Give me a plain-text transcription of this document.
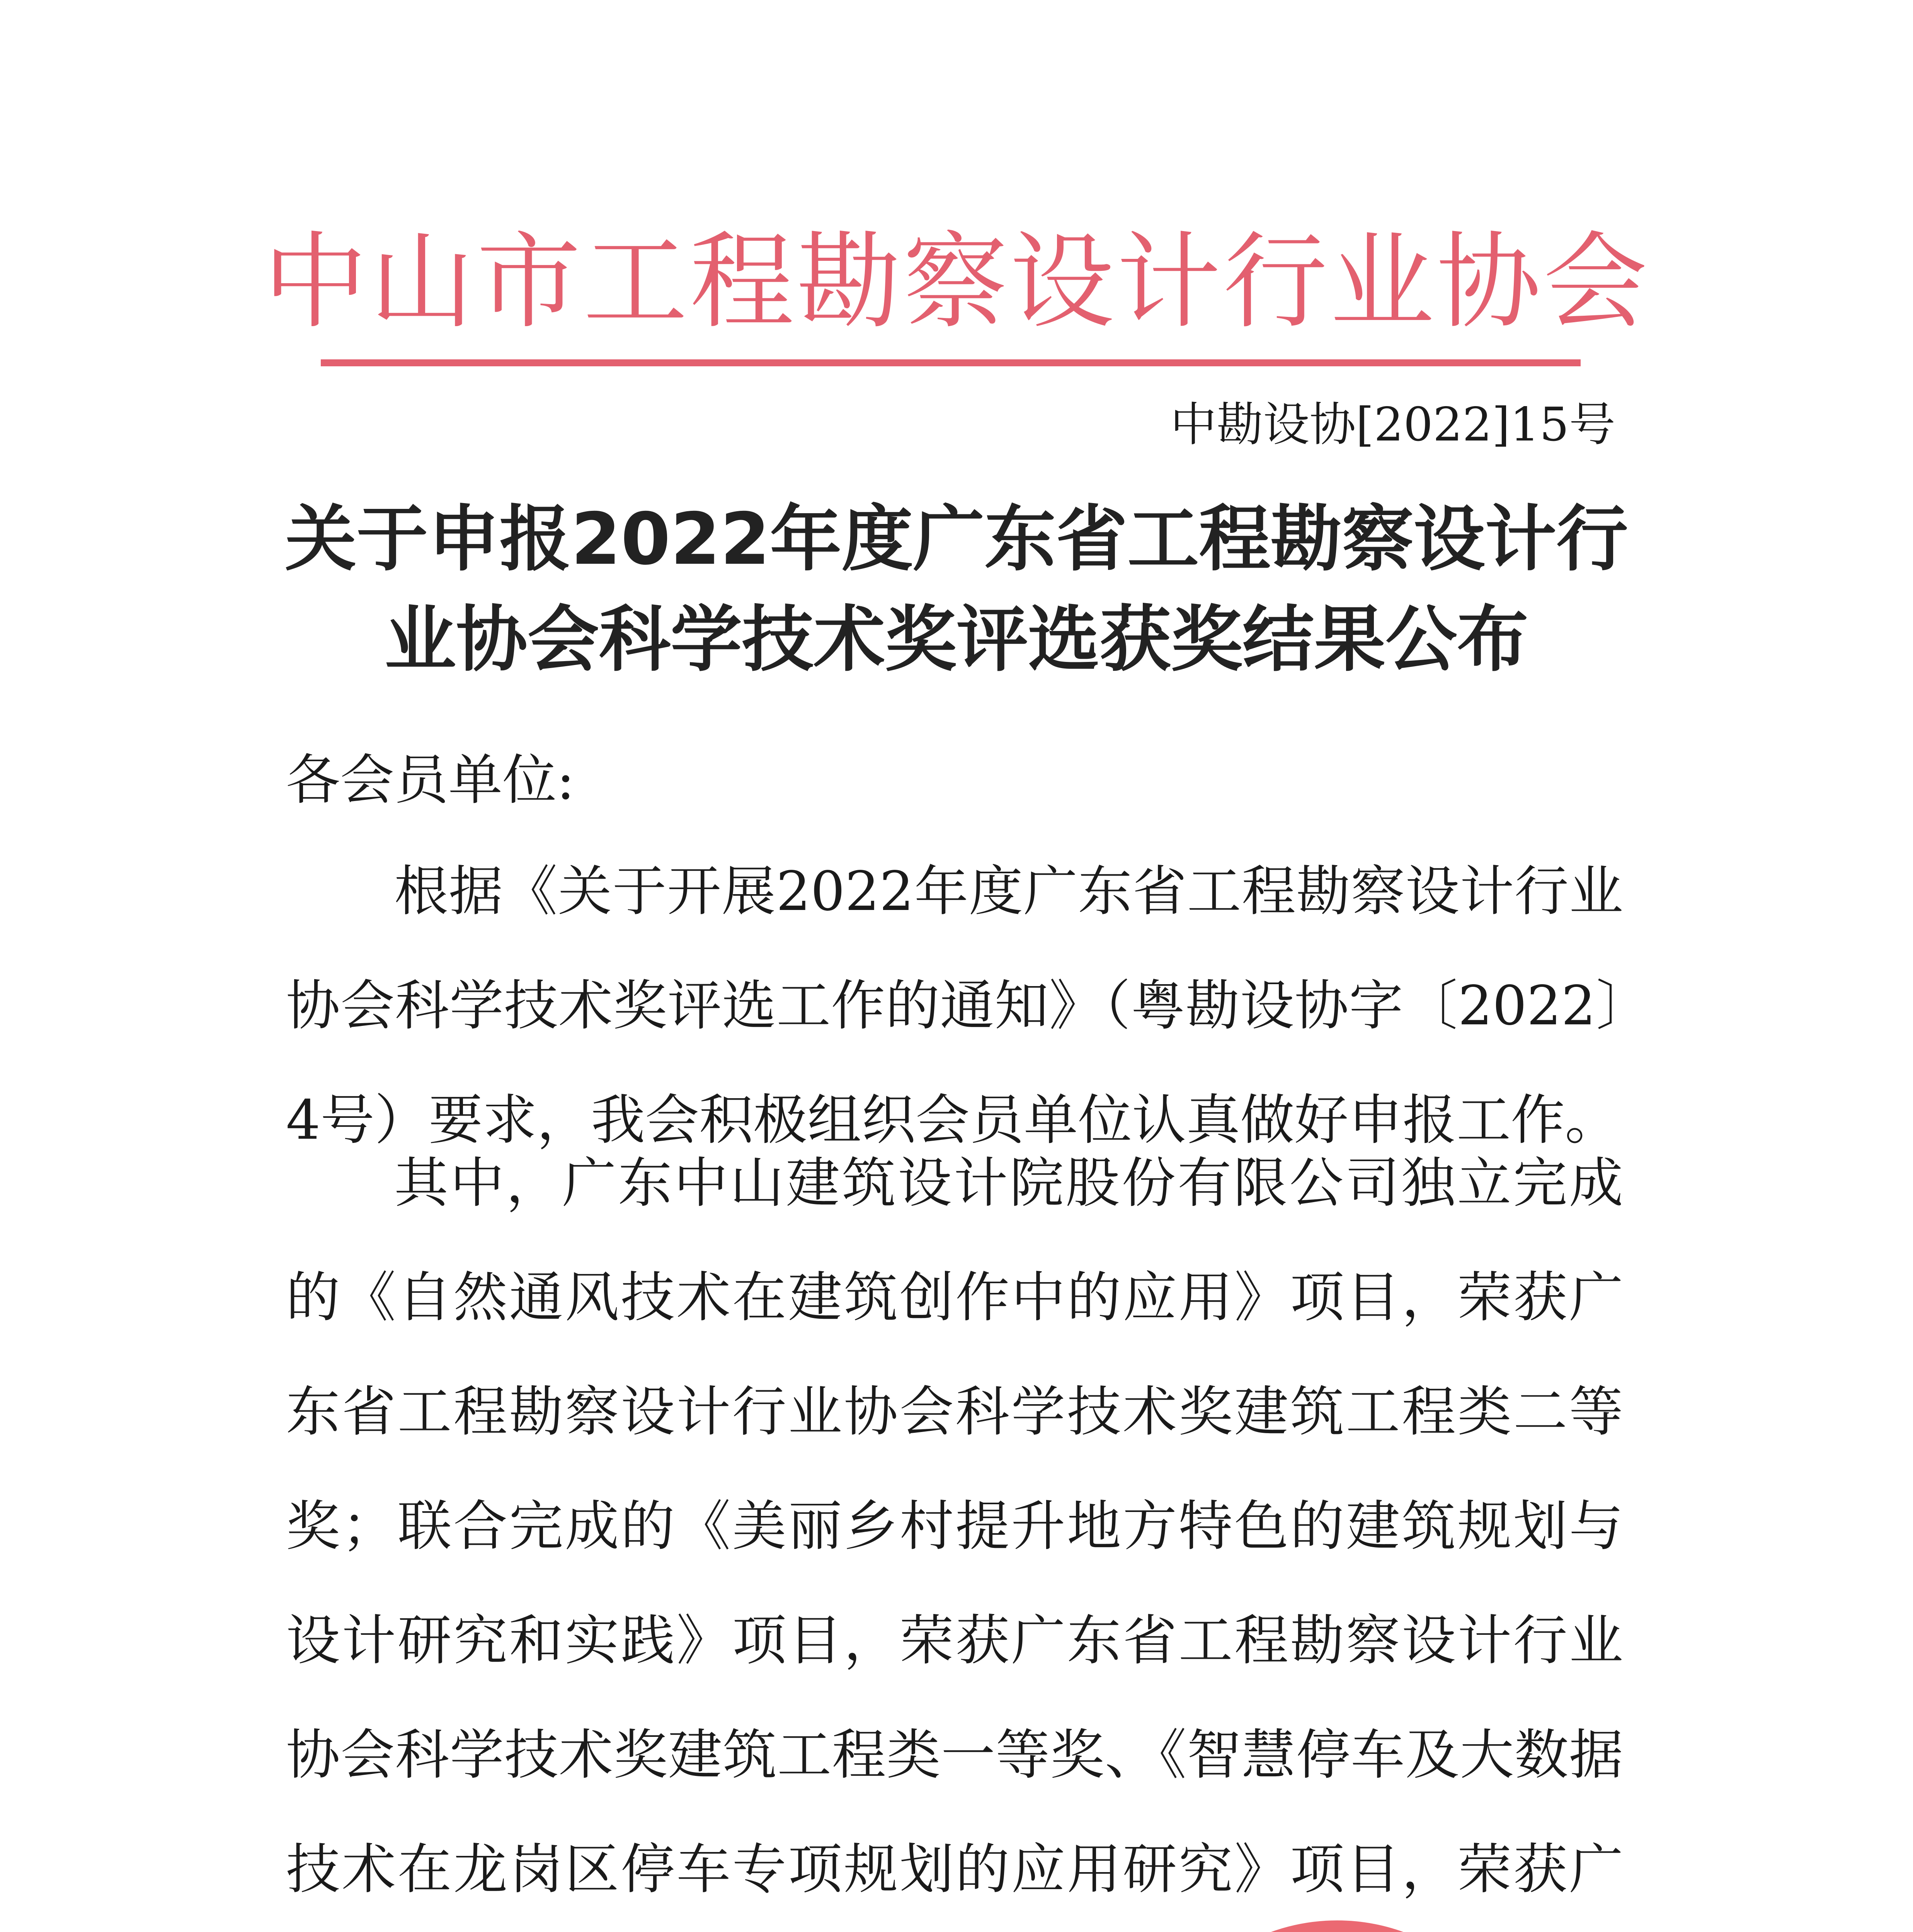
中山市工程勘察设计行业协会
中勘设协[2022]15号
关于申报2022年度广东省工程勘察设计行
业协会科学技术奖评选获奖结果公布
各会员单位:

根据《关于开展2022年度广东省工程勘察设计行业协会科学技术奖评选工作的通知》（粤勘设协字〔2022〕4号）要求，我会积极组织会员单位认真做好申报工作。

其中，广东中山建筑设计院股份有限公司独立完成的《自然通风技术在建筑创作中的应用》项目，荣获广东省工程勘察设计行业协会科学技术奖建筑工程类二等奖；联合完成的《美丽乡村提升地方特色的建筑规划与设计研究和实践》项目，荣获广东省工程勘察设计行业协会科学技术奖建筑工程类一等奖、《智慧停车及大数据技术在龙岗区停车专项规划的应用研究》项目，荣获广
